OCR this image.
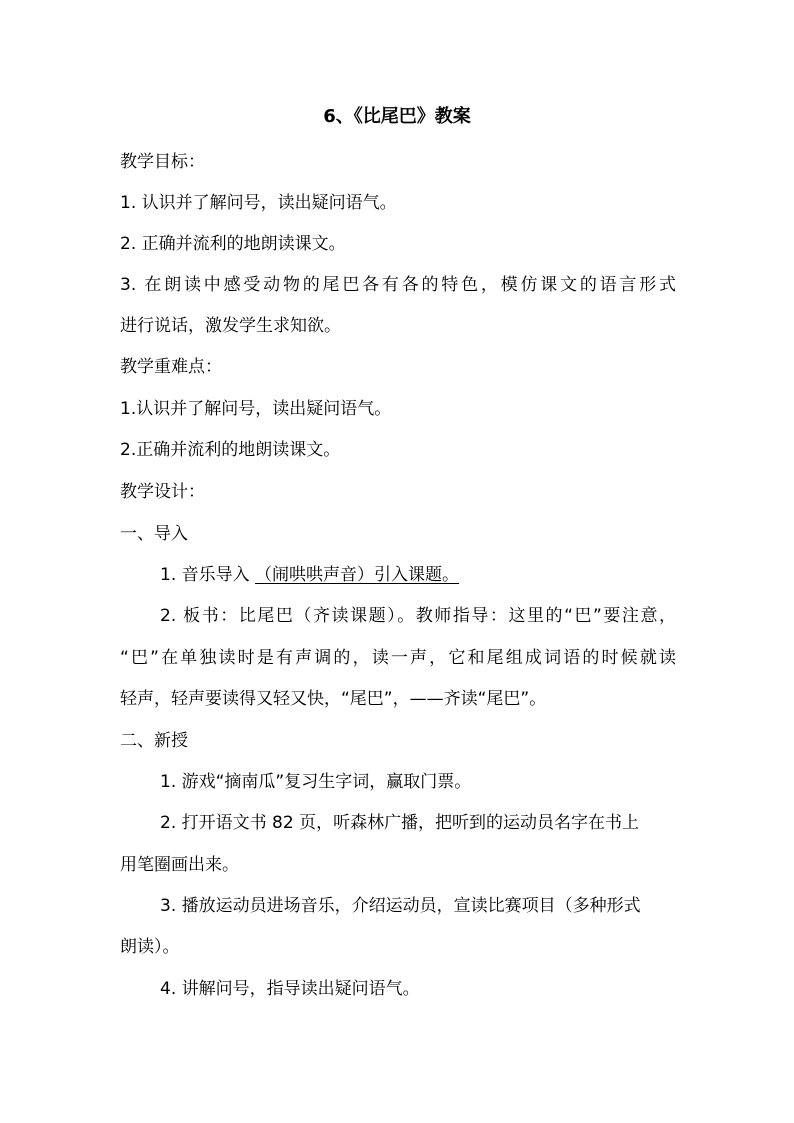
6、《比尾巴》教案
教学目标：
1. 认识并了解问号，读出疑问语气。
2. 正确并流利的地朗读课文。
3. 在朗读中感受动物的尾巴各有各的特色，模仿课文的语言形式
进行说话，激发学生求知欲。
教学重难点：
1.认识并了解问号，读出疑问语气。
2.正确并流利的地朗读课文。
教学设计：
一、导入
1. 音乐导入 （闹哄哄声音）引入课题。
2. 板书：比尾巴（齐读课题）。教师指导：这里的“巴”要注意，
“巴”在单独读时是有声调的，读一声，它和尾组成词语的时候就读
轻声，轻声要读得又轻又快，“尾巴”，——齐读“尾巴”。
二、新授
1. 游戏“摘南瓜”复习生字词，赢取门票。
2. 打开语文书 82 页，听森林广播，把听到的运动员名字在书上
用笔圈画出来。
3. 播放运动员进场音乐，介绍运动员，宣读比赛项目（多种形式
朗读）。
4. 讲解问号，指导读出疑问语气。
